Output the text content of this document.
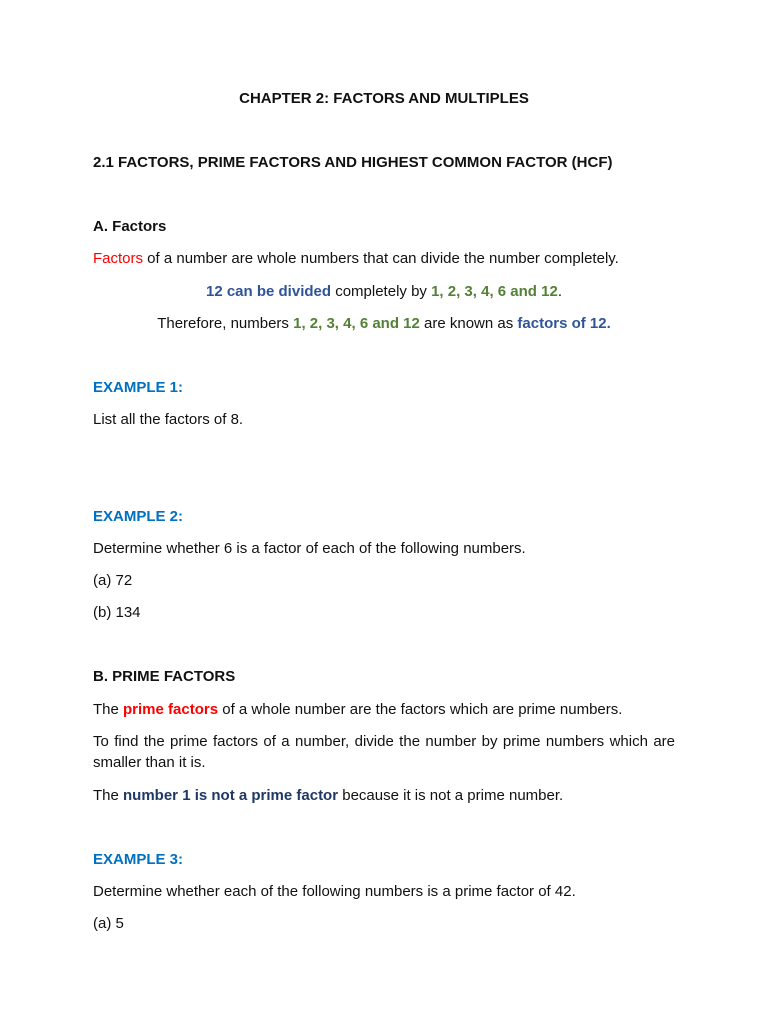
CHAPTER 2: FACTORS AND MULTIPLES
2.1 FACTORS, PRIME FACTORS AND HIGHEST COMMON FACTOR (HCF)
A. Factors
Factors of a number are whole numbers that can divide the number completely.
12 can be divided completely by 1, 2, 3, 4, 6 and 12.
Therefore, numbers 1, 2, 3, 4, 6 and 12 are known as factors of 12.
EXAMPLE 1:
List all the factors of 8.
EXAMPLE 2:
Determine whether 6 is a factor of each of the following numbers.
(a) 72
(b) 134
B. PRIME FACTORS
The prime factors of a whole number are the factors which are prime numbers.
To find the prime factors of a number, divide the number by prime numbers which are smaller than it is.
The number 1 is not a prime factor because it is not a prime number.
EXAMPLE 3:
Determine whether each of the following numbers is a prime factor of 42.
(a) 5
